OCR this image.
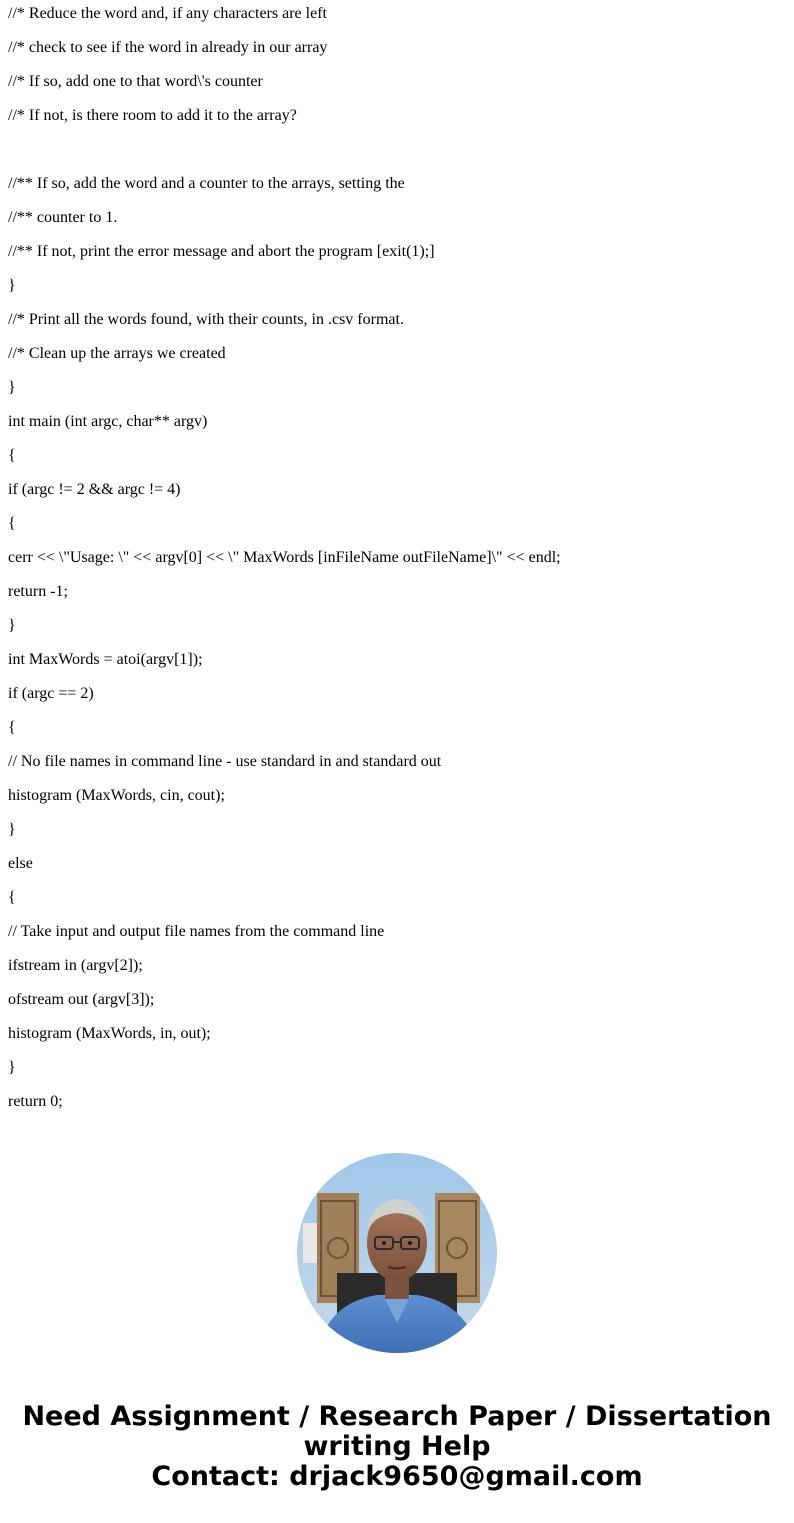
//* Reduce the word and, if any characters are left
//* check to see if the word in already in our array
//* If so, add one to that word\'s counter
//* If not, is there room to add it to the array?
//** If so, add the word and a counter to the arrays, setting the
//** counter to 1.
//** If not, print the error message and abort the program [exit(1);]
}
//* Print all the words found, with their counts, in .csv format.
//* Clean up the arrays we created
}
int main (int argc, char** argv)
{
if (argc != 2 && argc != 4)
{
cerr << \"Usage: \" << argv[0] << \" MaxWords [inFileName outFileName]\" << endl;
return -1;
}
int MaxWords = atoi(argv[1]);
if (argc == 2)
{
// No file names in command line - use standard in and standard out
histogram (MaxWords, cin, cout);
}
else
{
// Take input and output file names from the command line
ifstream in (argv[2]);
ofstream out (argv[3]);
histogram (MaxWords, in, out);
}
return 0;
Need Assignment / Research Paper / Dissertation
writing Help
Contact: drjack9650@gmail.com
